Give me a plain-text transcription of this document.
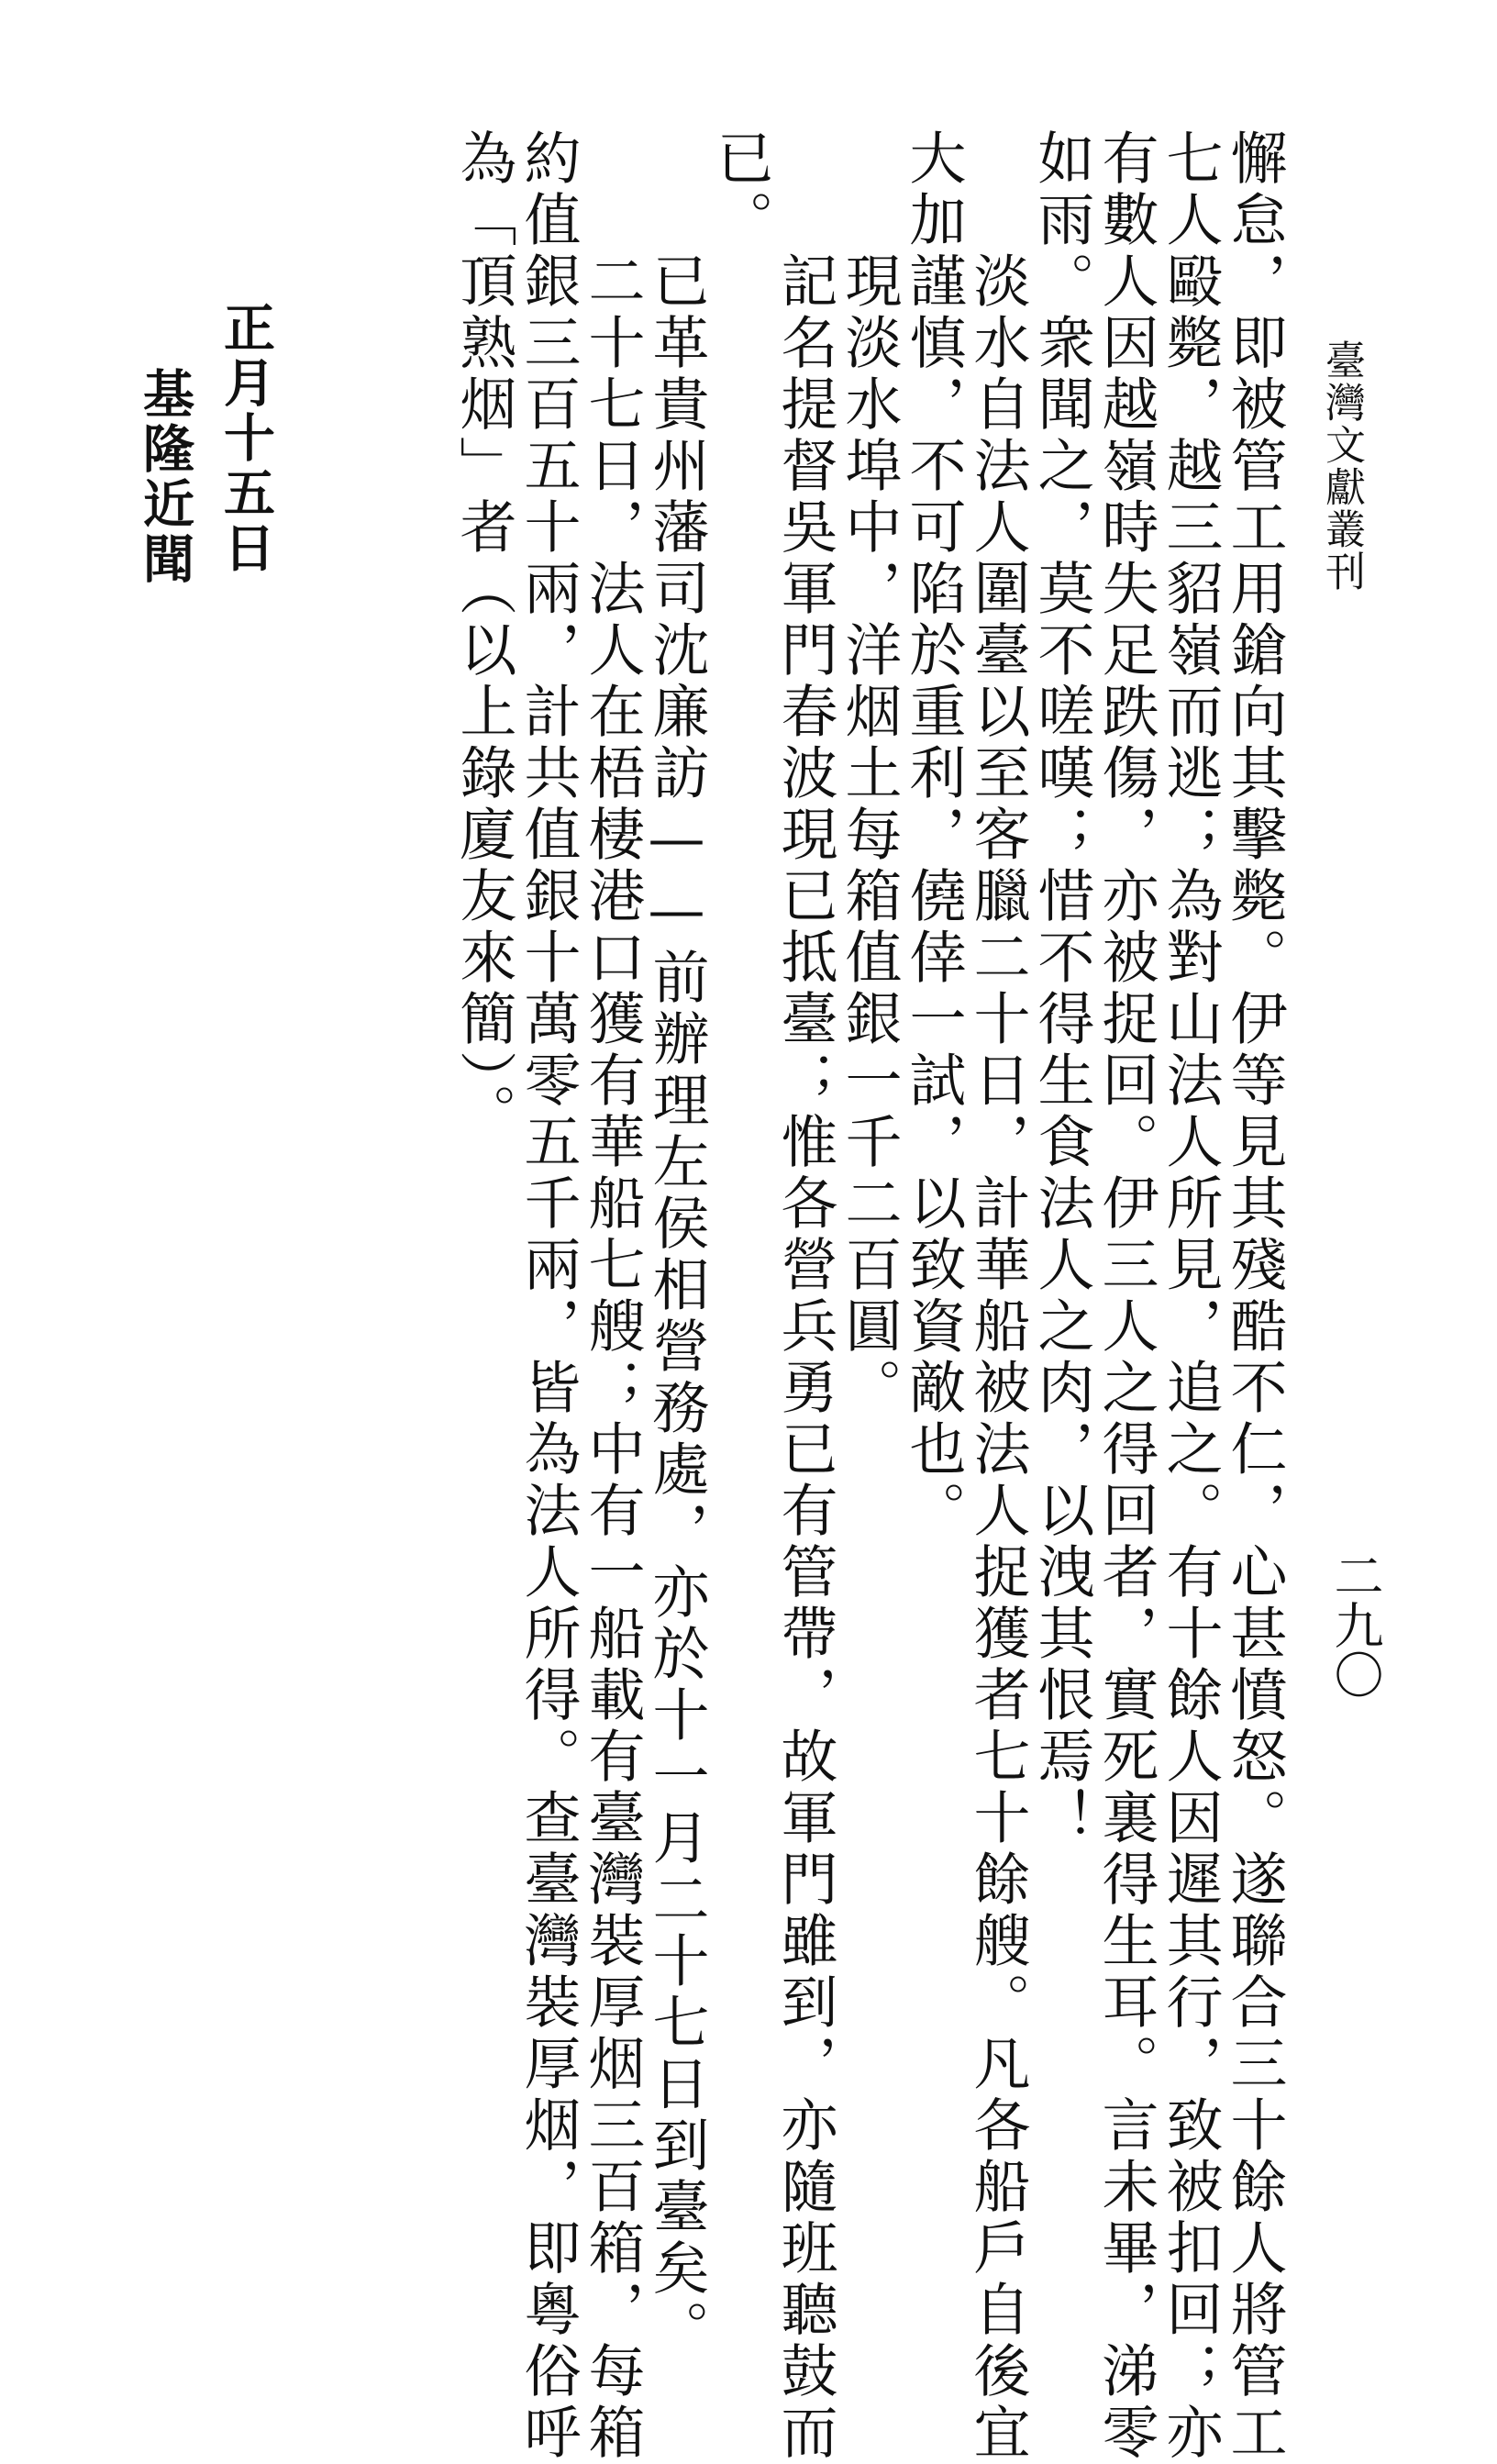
臺灣文獻叢刊
二九〇
懈怠，即被管工用鎗向其擊斃。伊等見其殘酷不仁，心甚憤怒。遂聯合三十餘人將管工
七人毆斃，越三貂嶺而逃；為對山法人所見，追之。有十餘人因遲其行，致被扣回；亦
有數人因越嶺時失足跌傷，亦被捉回。伊三人之得回者，實死裏得生耳。言未畢，涕零
如雨。衆聞之，莫不嗟嘆；惜不得生食法人之肉，以洩其恨焉！
淡水自法人圍臺以至客臘二十日，計華船被法人捉獲者七十餘艘。凡各船戶自後宜
大加謹慎，不可陷於重利，僥倖一試，以致資敵也。
現淡水埠中，洋烟土每箱值銀一千二百圓。
記名提督吳軍門春波現已抵臺；惟各營兵勇已有管帶，故軍門雖到，亦隨班聽鼓而
已。
已革貴州藩司沈廉訪——前辦理左侯相營務處，亦於十一月二十七日到臺矣。
二十七日，法人在梧棲港口獲有華船七艘；中有一船載有臺灣裝厚烟三百箱，每箱
約值銀三百五十兩，計共值銀十萬零五千兩，皆為法人所得。查臺灣裝厚烟，即粵俗呼
為「頂熟烟」者（以上錄廈友來簡）。
正月十五日
基隆近聞
